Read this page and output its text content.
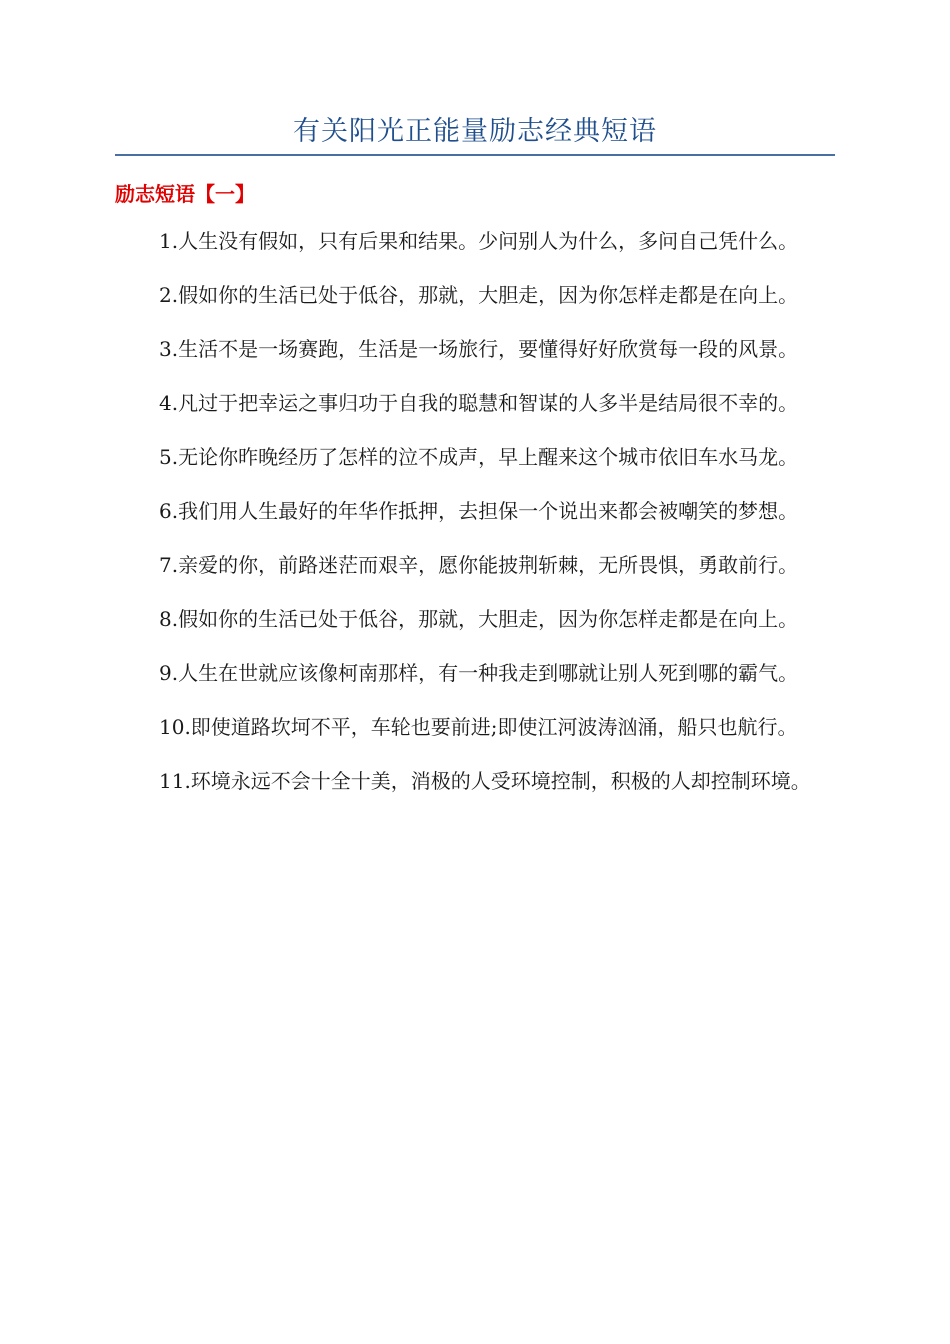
有关阳光正能量励志经典短语
励志短语【一】
1.人生没有假如，只有后果和结果。少问别人为什么，多问自己凭什么。
2.假如你的生活已处于低谷，那就，大胆走，因为你怎样走都是在向上。
3.生活不是一场赛跑，生活是一场旅行，要懂得好好欣赏每一段的风景。
4.凡过于把幸运之事归功于自我的聪慧和智谋的人多半是结局很不幸的。
5.无论你昨晚经历了怎样的泣不成声，早上醒来这个城市依旧车水马龙。
6.我们用人生最好的年华作抵押，去担保一个说出来都会被嘲笑的梦想。
7.亲爱的你，前路迷茫而艰辛，愿你能披荆斩棘，无所畏惧，勇敢前行。
8.假如你的生活已处于低谷，那就，大胆走，因为你怎样走都是在向上。
9.人生在世就应该像柯南那样，有一种我走到哪就让别人死到哪的霸气。
10.即使道路坎坷不平，车轮也要前进;即使江河波涛汹涌，船只也航行。
11.环境永远不会十全十美，消极的人受环境控制，积极的人却控制环境。
